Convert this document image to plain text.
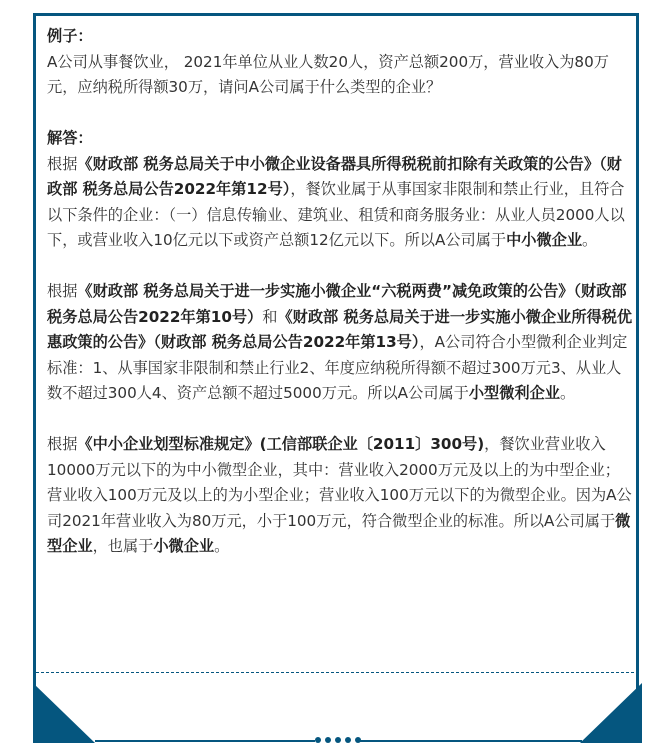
例子：

A公司从事餐饮业， 2021年单位从业人数20人，资产总额200万，营业收入为80万元，应纳税所得额30万，请问A公司属于什么类型的企业？

解答：

根据《财政部 税务总局关于中小微企业设备器具所得税税前扣除有关政策的公告》（财政部 税务总局公告2022年第12号），餐饮业属于从事国家非限制和禁止行业，且符合以下条件的企业：（一）信息传输业、建筑业、租赁和商务服务业：从业人员2000人以下，或营业收入10亿元以下或资产总额12亿元以下。所以A公司属于中小微企业。

根据《财政部 税务总局关于进一步实施小微企业“六税两费”减免政策的公告》（财政部 税务总局公告2022年第10号）和《财政部 税务总局关于进一步实施小微企业所得税优惠政策的公告》（财政部 税务总局公告2022年第13号），A公司符合小型微利企业判定标准：1、从事国家非限制和禁止行业2、年度应纳税所得额不超过300万元3、从业人数不超过300人4、资产总额不超过5000万元。所以A公司属于小型微利企业。

根据《中小企业划型标准规定》(工信部联企业〔2011〕300号)，餐饮业营业收入10000万元以下的为中小微型企业，其中：营业收入2000万元及以上的为中型企业；营业收入100万元及以上的为小型企业；营业收入100万元以下的为微型企业。因为A公司2021年营业收入为80万元，小于100万元，符合微型企业的标准。所以A公司属于微型企业，也属于小微企业。
